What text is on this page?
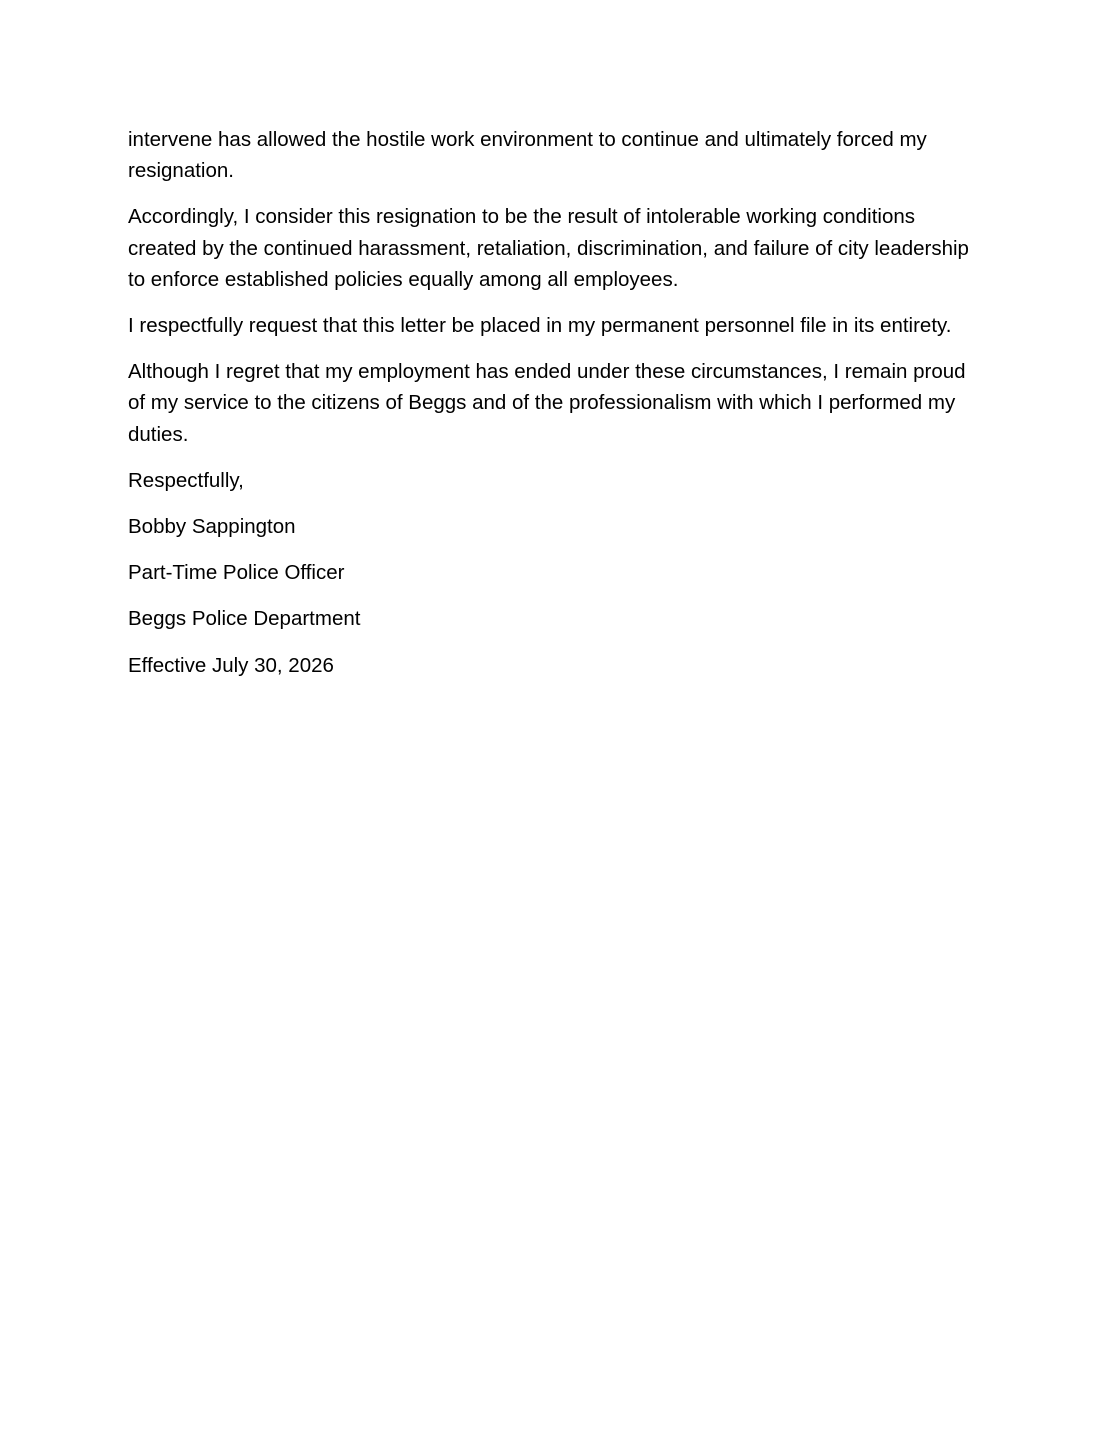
intervene has allowed the hostile work environment to continue and ultimately forced my resignation.

Accordingly, I consider this resignation to be the result of intolerable working conditions created by the continued harassment, retaliation, discrimination, and failure of city leadership to enforce established policies equally among all employees.

I respectfully request that this letter be placed in my permanent personnel file in its entirety.

Although I regret that my employment has ended under these circumstances, I remain proud of my service to the citizens of Beggs and of the professionalism with which I performed my duties.

Respectfully,

Bobby Sappington

Part-Time Police Officer

Beggs Police Department

Effective July 30, 2026
